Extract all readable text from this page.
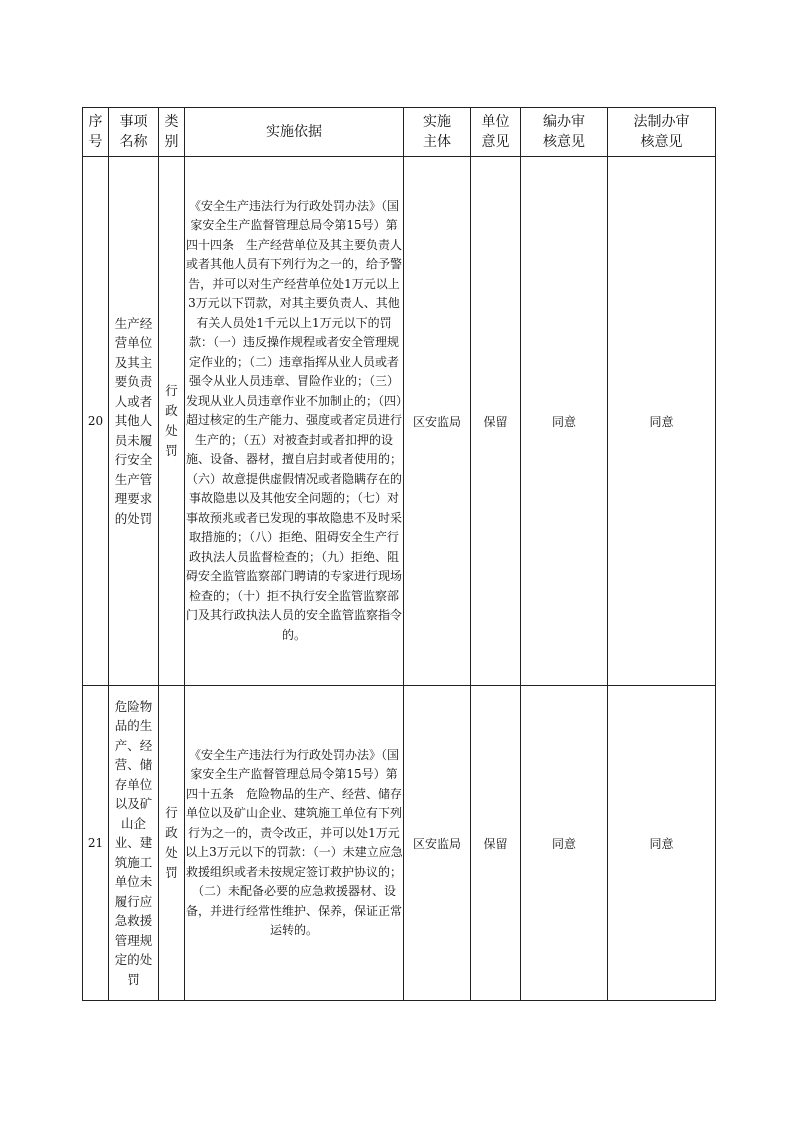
序号	事项名称	类别	实施依据	实施主体	单位意见	编办审核意见	法制办审核意见

20	生产经营单位及其主要负责人或者其他人员未履行安全生产管理要求的处罚	行政处罚	《安全生产违法行为行政处罚办法》（国家安全生产监督管理总局令第15号）第四十四条　生产经营单位及其主要负责人或者其他人员有下列行为之一的，给予警告，并可以对生产经营单位处1万元以上3万元以下罚款，对其主要负责人、其他有关人员处1千元以上1万元以下的罚款：（一）违反操作规程或者安全管理规定作业的；（二）违章指挥从业人员或者强令从业人员违章、冒险作业的；（三）发现从业人员违章作业不加制止的；（四）超过核定的生产能力、强度或者定员进行生产的；（五）对被查封或者扣押的设施、设备、器材，擅自启封或者使用的；（六）故意提供虚假情况或者隐瞒存在的事故隐患以及其他安全问题的；（七）对事故预兆或者已发现的事故隐患不及时采取措施的；（八）拒绝、阻碍安全生产行政执法人员监督检查的；（九）拒绝、阻碍安全监管监察部门聘请的专家进行现场检查的；（十）拒不执行安全监管监察部门及其行政执法人员的安全监管监察指令的。	区安监局	保留	同意	同意
21	危险物品的生产、经营、储存单位以及矿山企业、建筑施工单位未履行应急救援管理规定的处罚	行政处罚	《安全生产违法行为行政处罚办法》（国家安全生产监督管理总局令第15号）第四十五条　危险物品的生产、经营、储存单位以及矿山企业、建筑施工单位有下列行为之一的，责令改正，并可以处1万元以上3万元以下的罚款：（一）未建立应急救援组织或者未按规定签订救护协议的；（二）未配备必要的应急救援器材、设备，并进行经常性维护、保养，保证正常运转的。	区安监局	保留	同意	同意
